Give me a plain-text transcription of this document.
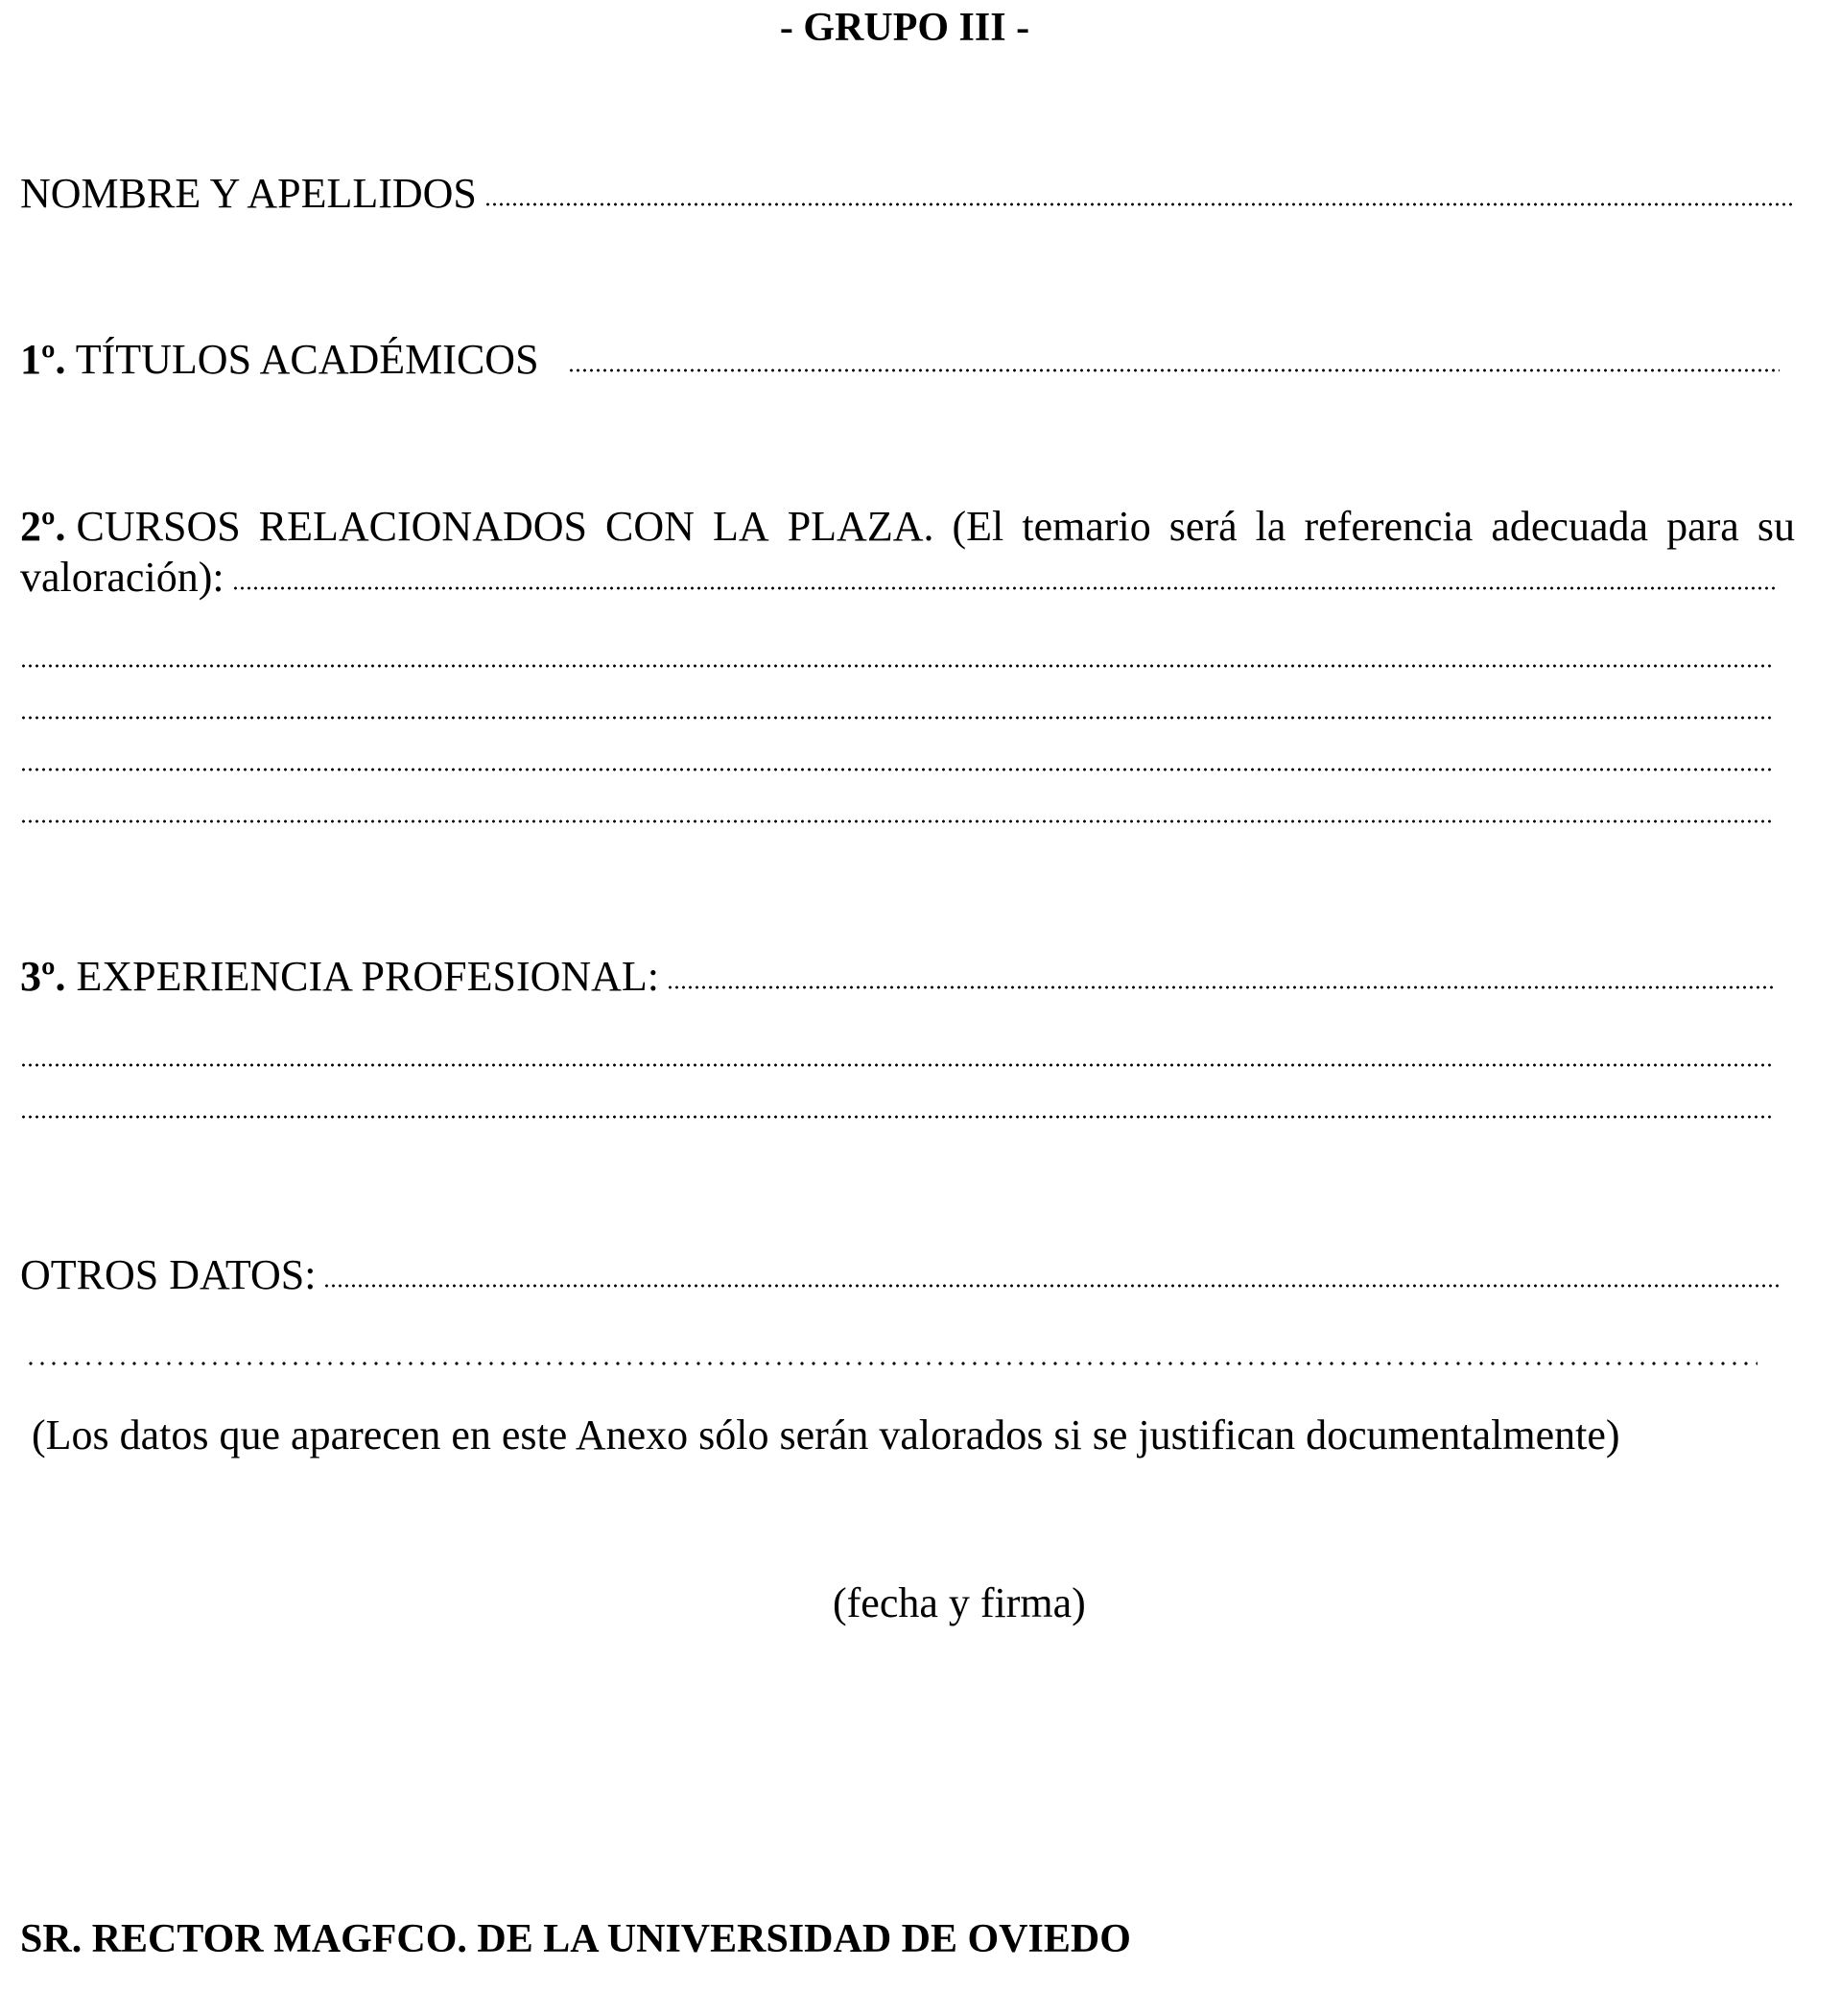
- GRUPO III -
NOMBRE Y APELLIDOS
1º. TÍTULOS ACADÉMICOS
2º. CURSOS RELACIONADOS CON LA PLAZA. (El temario será la referencia adecuada para su
valoración):
3º. EXPERIENCIA PROFESIONAL:
OTROS DATOS:
(Los datos que aparecen en este Anexo sólo serán valorados si se justifican documentalmente)
(fecha y firma)
SR. RECTOR MAGFCO. DE LA UNIVERSIDAD DE OVIEDO
